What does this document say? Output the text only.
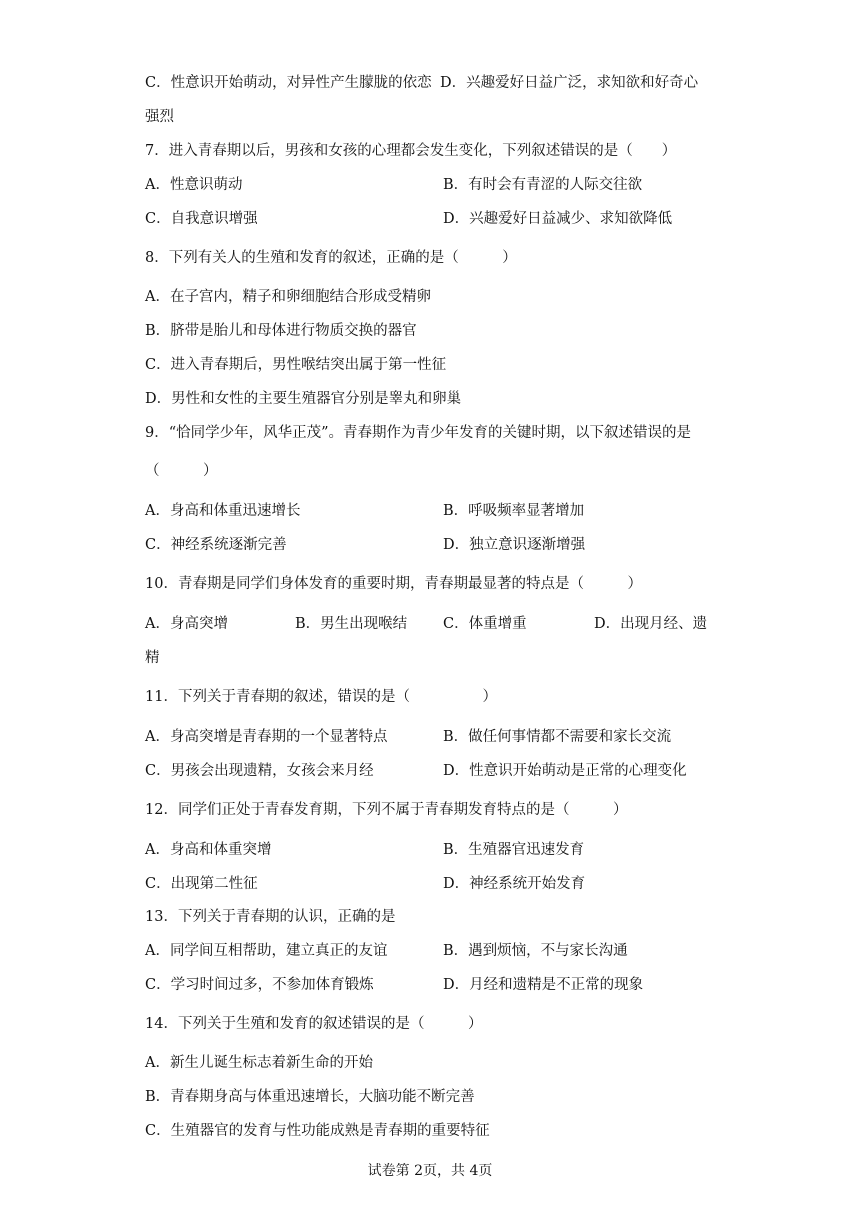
C．性意识开始萌动，对异性产生朦胧的依恋 D．兴趣爱好日益广泛，求知欲和好奇心
强烈
7．进入青春期以后，男孩和女孩的心理都会发生变化，下列叙述错误的是（　　）
A．性意识萌动	B．有时会有青涩的人际交往欲
C．自我意识增强	D．兴趣爱好日益减少、求知欲降低
8．下列有关人的生殖和发育的叙述，正确的是（　　　）
A．在子宫内，精子和卵细胞结合形成受精卵
B．脐带是胎儿和母体进行物质交换的器官
C．进入青春期后，男性喉结突出属于第一性征
D．男性和女性的主要生殖器官分别是睾丸和卵巢
9．“恰同学少年，风华正茂”。青春期作为青少年发育的关键时期，以下叙述错误的是
（　　　）
A．身高和体重迅速增长	B．呼吸频率显著增加
C．神经系统逐渐完善	D．独立意识逐渐增强
10．青春期是同学们身体发育的重要时期，青春期最显著的特点是（　　　）
A．身高突增	B．男生出现喉结 C．体重增重	D．出现月经、遗
精
11．下列关于青春期的叙述，错误的是（　　　　　）
A．身高突增是青春期的一个显著特点	B．做任何事情都不需要和家长交流
C．男孩会出现遗精，女孩会来月经	D．性意识开始萌动是正常的心理变化
12．同学们正处于青春发育期，下列不属于青春期发育特点的是（　　　）
A．身高和体重突增	B．生殖器官迅速发育
C．出现第二性征	D．神经系统开始发育
13．下列关于青春期的认识，正确的是
A．同学间互相帮助，建立真正的友谊	B．遇到烦恼，不与家长沟通
C．学习时间过多，不参加体育锻炼	D．月经和遗精是不正常的现象
14．下列关于生殖和发育的叙述错误的是（　　　）
A．新生儿诞生标志着新生命的开始
B．青春期身高与体重迅速增长，大脑功能不断完善
C．生殖器官的发育与性功能成熟是青春期的重要特征
试卷第 2页，共 4页
